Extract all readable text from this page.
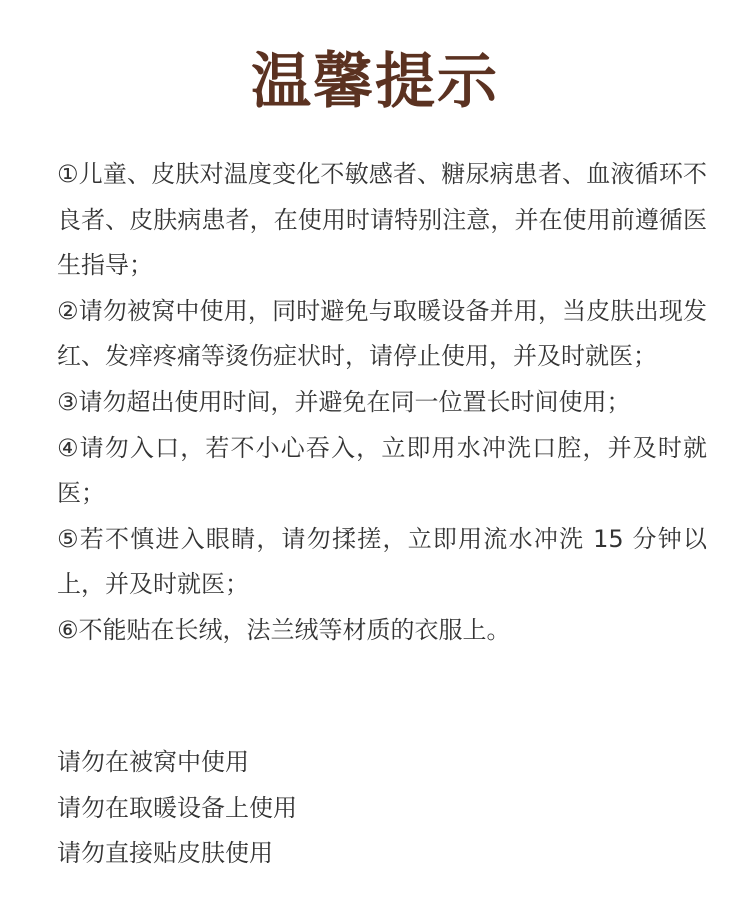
温馨提示
①儿童、皮肤对温度变化不敏感者、糖尿病患者、血液循环不良者、皮肤病患者，在使用时请特别注意，并在使用前遵循医生指导；
②请勿被窝中使用，同时避免与取暖设备并用，当皮肤出现发红、发痒疼痛等烫伤症状时，请停止使用，并及时就医；
③请勿超出使用时间，并避免在同一位置长时间使用；
④请勿入口，若不小心吞入，立即用水冲洗口腔，并及时就医；
⑤若不慎进入眼睛，请勿揉搓，立即用流水冲洗 15 分钟以上，并及时就医；
⑥不能贴在长绒，法兰绒等材质的衣服上。
请勿在被窝中使用
请勿在取暖设备上使用
请勿直接贴皮肤使用
